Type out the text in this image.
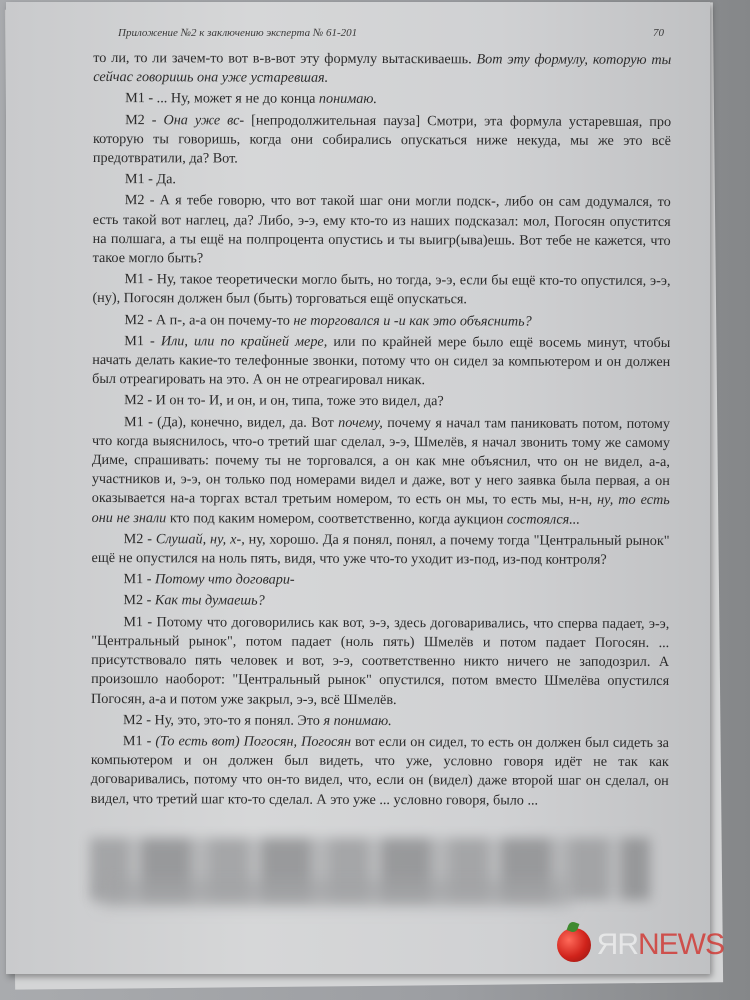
Приложение №2 к заключению эксперта № 61-201	70

то ли, то ли зачем-то вот в-в-вот эту формулу вытаскиваешь. Вот эту формулу, которую ты сейчас говоришь она уже устаревшая.

М1 - ... Ну, может я не до конца понимаю.

М2 - Она уже вс- [непродолжительная пауза] Смотри, эта формула устаревшая, про которую ты говоришь, когда они собирались опускаться ниже некуда, мы же это всё предотвратили, да? Вот.

М1 - Да.

М2 - А я тебе говорю, что вот такой шаг они могли подск-, либо он сам додумался, то есть такой вот наглец, да? Либо, э-э, ему кто-то из наших подсказал: мол, Погосян опустится на полшага, а ты ещё на полпроцента опустись и ты выигр(ыва)ешь. Вот тебе не кажется, что такое могло быть?

М1 - Ну, такое теоретически могло быть, но тогда, э-э, если бы ещё кто-то опустился, э-э, (ну), Погосян должен был (быть) торговаться ещё опускаться.

М2 - А п-, а-а он почему-то не торговался и -и как это объяснить?

М1 - Или, или по крайней мере, или по крайней мере было ещё восемь минут, чтобы начать делать какие-то телефонные звонки, потому что он сидел за компьютером и он должен был отреагировать на это. А он не отреагировал никак.

М2 - И он то- И, и он, и он, типа, тоже это видел, да?

М1 - (Да), конечно, видел, да. Вот почему, почему я начал там паниковать потом, потому что когда выяснилось, что-о третий шаг сделал, э-э, Шмелёв, я начал звонить тому же самому Диме, спрашивать: почему ты не торговался, а он как мне объяснил, что он не видел, а-а, участников и, э-э, он только под номерами видел и даже, вот у него заявка была первая, а он оказывается на-а торгах встал третьим номером, то есть он мы, то есть мы, н-н, ну, то есть они не знали кто под каким номером, соответственно, когда аукцион состоялся...

М2 - Слушай, ну, х-, ну, хорошо. Да я понял, понял, а почему тогда "Центральный рынок" ещё не опустился на ноль пять, видя, что уже что-то уходит из-под, из-под контроля?

М1 - Потому что договари-

М2 - Как ты думаешь?

М1 - Потому что договорились как вот, э-э, здесь договаривались, что сперва падает, э-э, "Центральный рынок", потом падает (ноль пять) Шмелёв и потом падает Погосян. ... присутствовало пять человек и вот, э-э, соответственно никто ничего не заподозрил. А произошло наоборот: "Центральный рынок" опустился, потом вместо Шмелёва опустился Погосян, а-а и потом уже закрыл, э-э, всё Шмелёв.

М2 - Ну, это, это-то я понял. Это я понимаю.

М1 - (То есть вот) Погосян, Погосян вот если он сидел, то есть он должен был сидеть за компьютером и он должен был видеть, что уже, условно говоря идёт не так как договаривались, потому что он-то видел, что, если он (видел) даже второй шаг он сделал, он видел, что третий шаг кто-то сделал. А это уже ... условно говоря, было ...

ЯRNEWS
